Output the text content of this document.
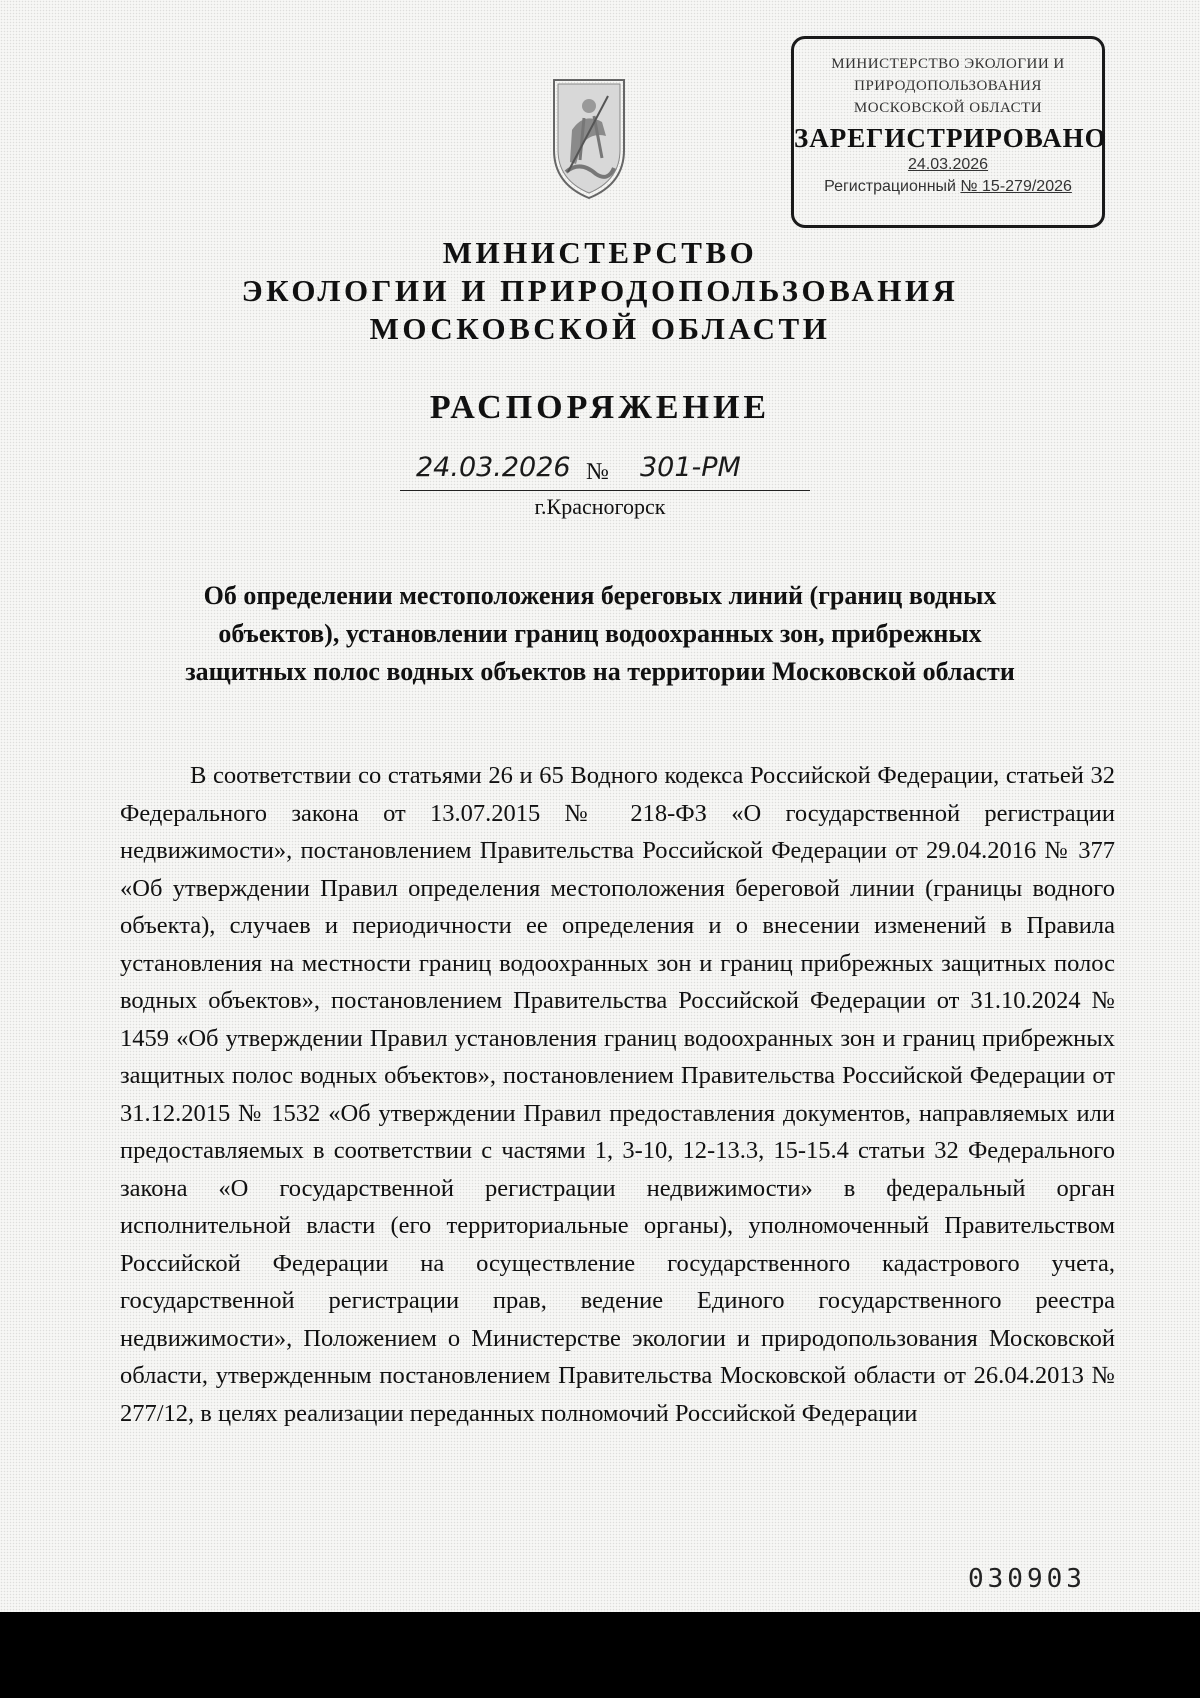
МИНИСТЕРСТВО ЭКОЛОГИИ И
ПРИРОДОПОЛЬЗОВАНИЯ
МОСКОВСКОЙ ОБЛАСТИ
ЗАРЕГИСТРИРОВАНО
24.03.2026
Регистрационный № 15-279/2026
МИНИСТЕРСТВО
ЭКОЛОГИИ И ПРИРОДОПОЛЬЗОВАНИЯ
МОСКОВСКОЙ ОБЛАСТИ
РАСПОРЯЖЕНИЕ
24.03.2026 № 301-РМ
г.Красногорск
Об определении местоположения береговых линий (границ водных
объектов), установлении границ водоохранных зон, прибрежных
защитных полос водных объектов на территории Московской области

В соответствии со статьями 26 и 65 Водного кодекса Российской Федерации, статьей 32 Федерального закона от 13.07.2015 № 218-ФЗ «О государственной регистрации недвижимости», постановлением Правительства Российской Федерации от 29.04.2016 № 377 «Об утверждении Правил определения местоположения береговой линии (границы водного объекта), случаев и периодичности ее определения и о внесении изменений в Правила установления на местности границ водоохранных зон и границ прибрежных защитных полос водных объектов», постановлением Правительства Российской Федерации от 31.10.2024 № 1459 «Об утверждении Правил установления границ водоохранных зон и границ прибрежных защитных полос водных объектов», постановлением Правительства Российской Федерации от 31.12.2015 № 1532 «Об утверждении Правил предоставления документов, направляемых или предоставляемых в соответствии с частями 1, 3-10, 12-13.3, 15-15.4 статьи 32 Федерального закона «О государственной регистрации недвижимости» в федеральный орган исполнительной власти (его территориальные органы), уполномоченный Правительством Российской Федерации на осуществление государственного кадастрового учета, государственной регистрации прав, ведение Единого государственного реестра недвижимости», Положением о Министерстве экологии и природопользования Московской области, утвержденным постановлением Правительства Московской области от 26.04.2013 № 277/12, в целях реализации переданных полномочий Российской Федерации

030903
